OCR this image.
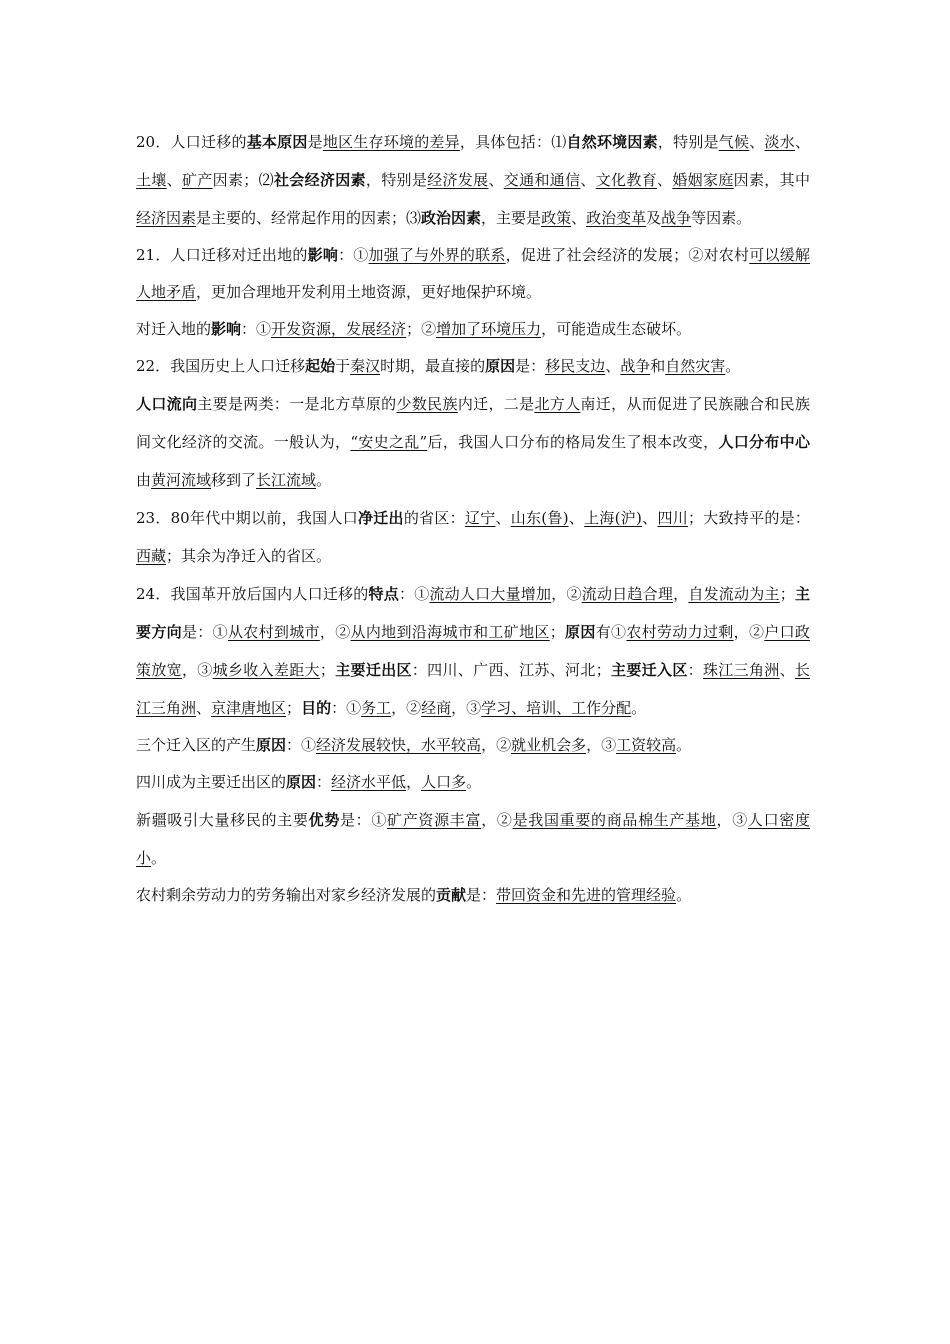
20．人口迁移的基本原因是地区生存环境的差异，具体包括：⑴自然环境因素，特别是气候、淡水、土壤、矿产因素；⑵社会经济因素，特别是经济发展、交通和通信、文化教育、婚姻家庭因素，其中经济因素是主要的、经常起作用的因素；⑶政治因素，主要是政策、政治变革及战争等因素。

21．人口迁移对迁出地的影响：①加强了与外界的联系，促进了社会经济的发展；②对农村可以缓解人地矛盾，更加合理地开发利用土地资源，更好地保护环境。

对迁入地的影响：①开发资源，发展经济；②增加了环境压力，可能造成生态破坏。

22．我国历史上人口迁移起始于秦汉时期，最直接的原因是：移民支边、战争和自然灾害。

人口流向主要是两类：一是北方草原的少数民族内迁，二是北方人南迁，从而促进了民族融合和民族间文化经济的交流。一般认为，“安史之乱”后，我国人口分布的格局发生了根本改变，人口分布中心由黄河流域移到了长江流域。

23．80年代中期以前，我国人口净迁出的省区：辽宁、山东(鲁)、上海(沪)、四川；大致持平的是：西藏；其余为净迁入的省区。

24．我国革开放后国内人口迁移的特点：①流动人口大量增加，②流动日趋合理，自发流动为主；主要方向是：①从农村到城市，②从内地到沿海城市和工矿地区；原因有①农村劳动力过剩，②户口政策放宽，③城乡收入差距大；主要迁出区：四川、广西、江苏、河北；主要迁入区：珠江三角洲、长江三角洲、京津唐地区；目的：①务工，②经商，③学习、培训、工作分配。

三个迁入区的产生原因：①经济发展较快，水平较高，②就业机会多，③工资较高。

四川成为主要迁出区的原因：经济水平低，人口多。

新疆吸引大量移民的主要优势是：①矿产资源丰富，②是我国重要的商品棉生产基地，③人口密度小。

农村剩余劳动力的劳务输出对家乡经济发展的贡献是：带回资金和先进的管理经验。
